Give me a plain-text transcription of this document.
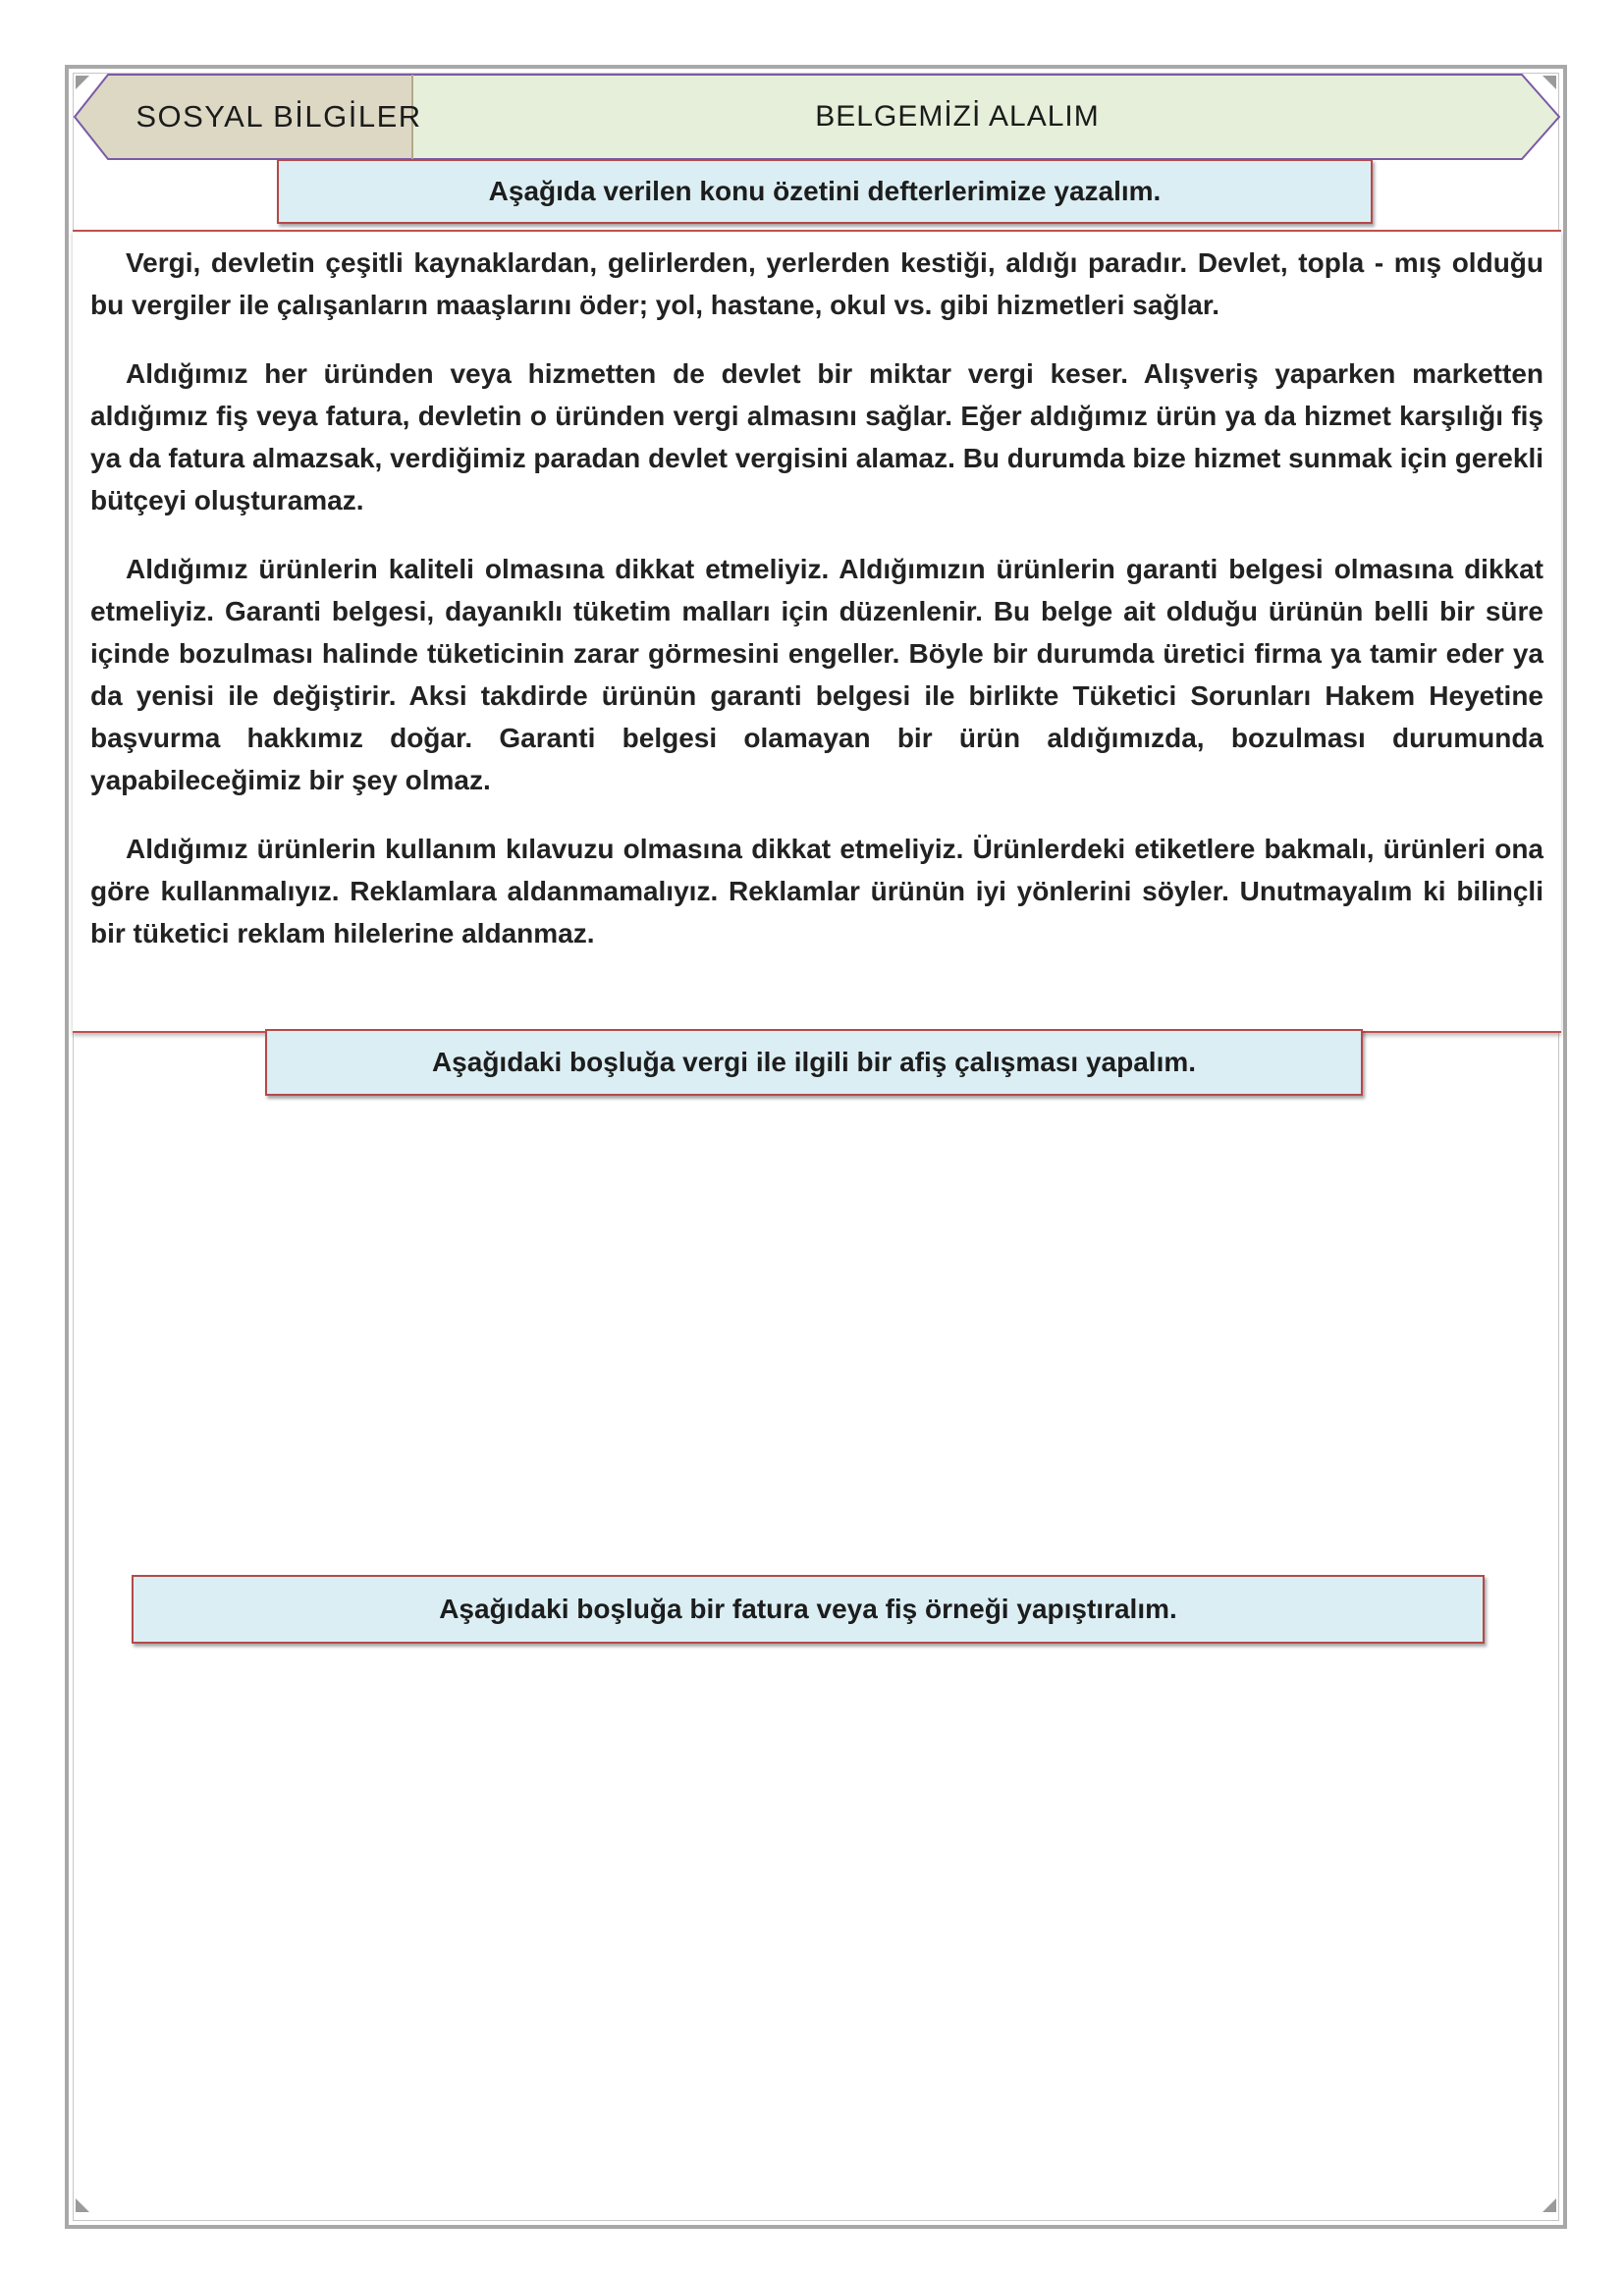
SOSYAL BİLGİLER	BELGEMİZİ ALALIM

Vergi, devletin çeşitli kaynaklardan, gelirlerden, yerlerden kestiği, aldığı paradır. Devlet, topla - mış olduğu bu vergiler ile çalışanların maaşlarını öder; yol, hastane, okul vs. gibi hizmetleri sağlar.

Aldığımız her üründen veya hizmetten de devlet bir miktar vergi keser. Alışveriş yaparken marketten aldığımız fiş veya fatura, devletin o üründen vergi almasını sağlar. Eğer aldığımız ürün ya da hizmet karşılığı fiş ya da fatura almazsak, verdiğimiz paradan devlet vergisini alamaz. Bu durumda bize hizmet sunmak için gerekli bütçeyi oluşturamaz.

Aldığımız ürünlerin kaliteli olmasına dikkat etmeliyiz. Aldığımızın ürünlerin garanti belgesi olmasına dikkat etmeliyiz. Garanti belgesi, dayanıklı tüketim malları için düzenlenir. Bu belge ait olduğu ürünün belli bir süre içinde bozulması halinde tüketicinin zarar görmesini engeller. Böyle bir durumda üretici firma ya tamir eder ya da yenisi ile değiştirir. Aksi takdirde ürünün garanti belgesi ile birlikte Tüketici Sorunları Hakem Heyetine başvurma hakkımız doğar. Garanti belgesi olamayan bir ürün aldığımızda, bozulması durumunda yapabileceğimiz bir şey olmaz.

Aldığımız ürünlerin kullanım kılavuzu olmasına dikkat etmeliyiz. Ürünlerdeki etiketlere bakmalı, ürünleri ona göre kullanmalıyız. Reklamlara aldanmamalıyız. Reklamlar ürünün iyi yönlerini söyler. Unutmayalım ki bilinçli bir tüketici reklam hilelerine aldanmaz.

Aşağıda verilen konu özetini defterlerimize yazalım.
Aşağıdaki boşluğa vergi ile ilgili bir afiş çalışması yapalım.
Aşağıdaki boşluğa bir fatura veya fiş örneği yapıştıralım.
